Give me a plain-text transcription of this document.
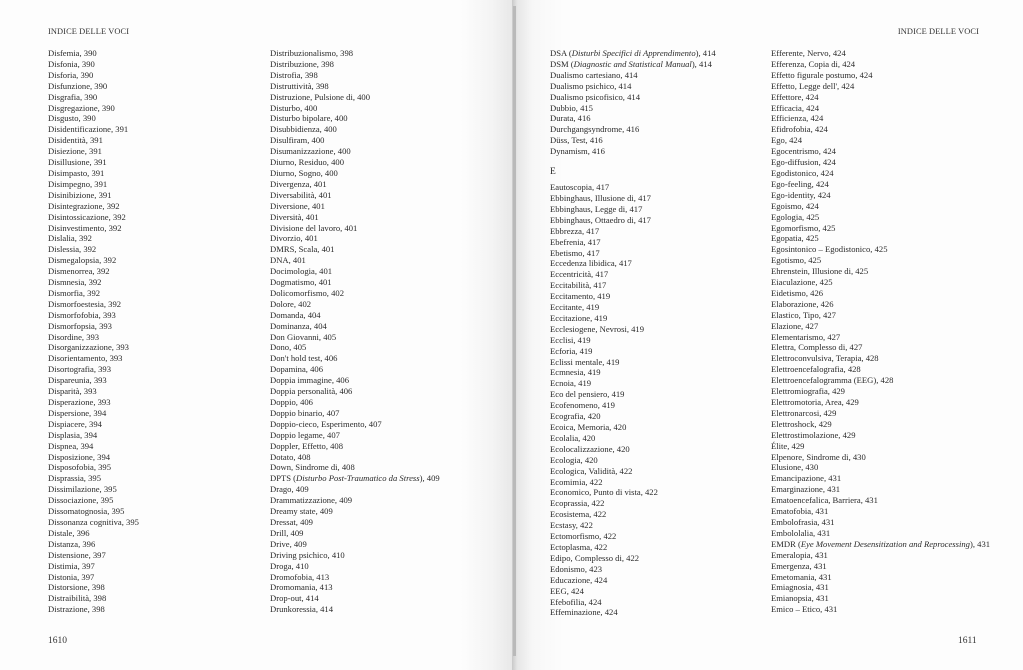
INDICE DELLE VOCI
Disfemia, 390
Disfonia, 390
Disforia, 390
Disfunzione, 390
Disgrafia, 390
Disgregazione, 390
Disgusto, 390
Disidentificazione, 391
Disidentità, 391
Disiezione, 391
Disillusione, 391
Disimpasto, 391
Disimpegno, 391
Disinibizione, 391
Disintegrazione, 392
Disintossicazione, 392
Disinvestimento, 392
Dislalia, 392
Dislessia, 392
Dismegalopsia, 392
Dismenorrea, 392
Dismnesia, 392
Dismorfia, 392
Dismorfoestesia, 392
Dismorfofobia, 393
Dismorfopsia, 393
Disordine, 393
Disorganizzazione, 393
Disorientamento, 393
Disortografia, 393
Dispareunia, 393
Disparità, 393
Disperazione, 393
Dispersione, 394
Dispiacere, 394
Displasia, 394
Dispnea, 394
Disposizione, 394
Disposofobia, 395
Disprassia, 395
Dissimilazione, 395
Dissociazione, 395
Dissomatognosia, 395
Dissonanza cognitiva, 395
Distale, 396
Distanza, 396
Distensione, 397
Distimia, 397
Distonia, 397
Distorsione, 398
Distraibilità, 398
Distrazione, 398
Distribuzionalismo, 398
Distribuzione, 398
Distrofia, 398
Distruttività, 398
Distruzione, Pulsione di, 400
Disturbo, 400
Disturbo bipolare, 400
Disubbidienza, 400
Disulfiram, 400
Disumanizzazione, 400
Diurno, Residuo, 400
Diurno, Sogno, 400
Divergenza, 401
Diversabilità, 401
Diversione, 401
Diversità, 401
Divisione del lavoro, 401
Divorzio, 401
DMRS, Scala, 401
DNA, 401
Docimologia, 401
Dogmatismo, 401
Dolicomorfismo, 402
Dolore, 402
Domanda, 404
Dominanza, 404
Don Giovanni, 405
Dono, 405
Don't hold test, 406
Dopamina, 406
Doppia immagine, 406
Doppia personalità, 406
Doppio, 406
Doppio binario, 407
Doppio-cieco, Esperimento, 407
Doppio legame, 407
Doppler, Effetto, 408
Dotato, 408
Down, Sindrome di, 408
DPTS (Disturbo Post-Traumatico da Stress), 409
Drago, 409
Drammatizzazione, 409
Dreamy state, 409
Dressat, 409
Drill, 409
Drive, 409
Driving psichico, 410
Droga, 410
Dromofobia, 413
Dromomania, 413
Drop-out, 414
Drunkoressia, 414
1610
INDICE DELLE VOCI
DSA (Disturbi Specifici di Apprendimento), 414
DSM (Diagnostic and Statistical Manual), 414
Dualismo cartesiano, 414
Dualismo psichico, 414
Dualismo psicofisico, 414
Dubbio, 415
Durata, 416
Durchgangsyndrome, 416
Düss, Test, 416
Dynamism, 416
E
Eautoscopia, 417
Ebbinghaus, Illusione di, 417
Ebbinghaus, Legge di, 417
Ebbinghaus, Ottaedro di, 417
Ebbrezza, 417
Ebefrenia, 417
Ebetismo, 417
Eccedenza libidica, 417
Eccentricità, 417
Eccitabilità, 417
Eccitamento, 419
Eccitante, 419
Eccitazione, 419
Ecclesiogene, Nevrosi, 419
Ecclisi, 419
Ecforia, 419
Eclissi mentale, 419
Ecmnesia, 419
Ecnoia, 419
Eco del pensiero, 419
Ecofenomeno, 419
Ecografia, 420
Ecoica, Memoria, 420
Ecolalia, 420
Ecolocalizzazione, 420
Ecologia, 420
Ecologica, Validità, 422
Ecomimia, 422
Economico, Punto di vista, 422
Ecoprassia, 422
Ecosistema, 422
Ecstasy, 422
Ectomorfismo, 422
Ectoplasma, 422
Edipo, Complesso di, 422
Edonismo, 423
Educazione, 424
EEG, 424
Efebofilia, 424
Effeminazione, 424
Efferente, Nervo, 424
Efferenza, Copia di, 424
Effetto figurale postumo, 424
Effetto, Legge dell', 424
Effettore, 424
Efficacia, 424
Efficienza, 424
Efidrofobia, 424
Ego, 424
Egocentrismo, 424
Ego-diffusion, 424
Egodistonico, 424
Ego-feeling, 424
Ego-identity, 424
Egoismo, 424
Egologia, 425
Egomorfismo, 425
Egopatia, 425
Egosintonico – Egodistonico, 425
Egotismo, 425
Ehrenstein, Illusione di, 425
Eiaculazione, 425
Eidetismo, 426
Elaborazione, 426
Elastico, Tipo, 427
Elazione, 427
Elementarismo, 427
Elettra, Complesso di, 427
Elettroconvulsiva, Terapia, 428
Elettroencefalografia, 428
Elettroencefalogramma (EEG), 428
Elettromiografia, 429
Elettromotoria, Area, 429
Elettronarcosi, 429
Elettroshock, 429
Elettrostimolazione, 429
Élite, 429
Elpenore, Sindrome di, 430
Elusione, 430
Emancipazione, 431
Emarginazione, 431
Ematoencefalica, Barriera, 431
Ematofobia, 431
Embolofrasia, 431
Embololalia, 431
EMDR (Eye Movement Desensitization and Reprocessing), 431
Emeralopia, 431
Emergenza, 431
Emetomania, 431
Emiagnosia, 431
Emianopsia, 431
Emico – Etico, 431
1611
